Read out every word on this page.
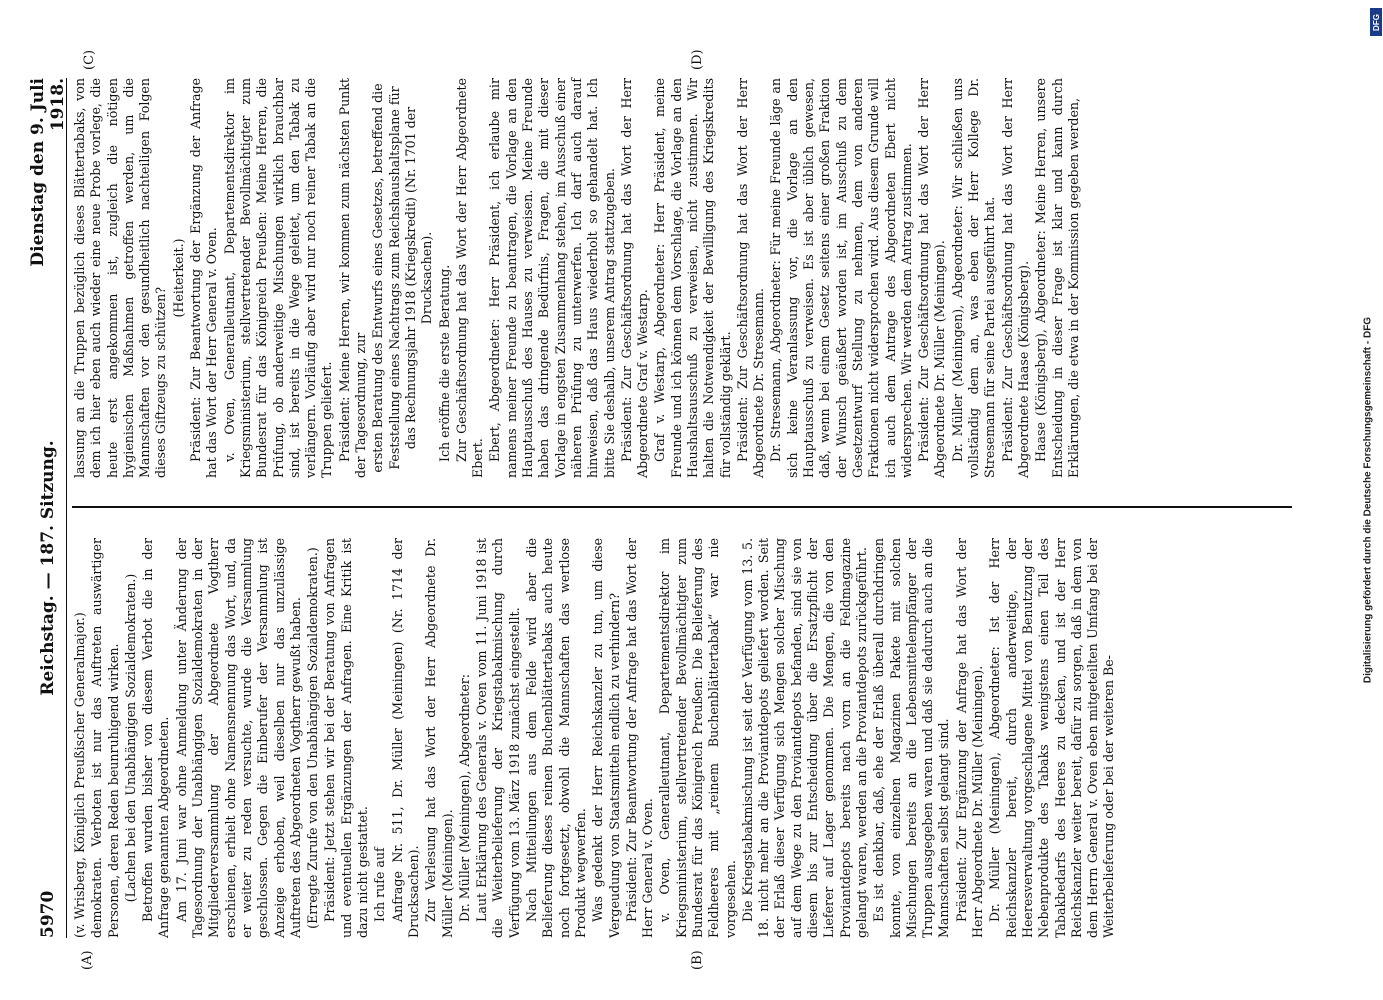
5970
Reichstag. — 187. Sitzung.
Dienstag den 9. Juli 1918.
(A)	(B)
(C)	(D)

(v. Wrisberg, Königlich Preußischer Generalmajor.) demokraten. Verboten ist nur das Auftreten auswärtiger Personen, deren Reden beunruhigend wirken. (Lachen bei den Unabhängigen Sozialdemokraten.) Betroffen wurden bisher von diesem Verbot die in der Anfrage genannten Abgeordneten. Am 17. Juni war ohne Anmeldung unter Änderung der Tagesordnung der Unabhängigen Sozialdemokraten in der Mitgliederversammlung der Abgeordnete Vogtherr erschienen, erhielt ohne Namensnennung das Wort, und, da er weiter zu reden versuchte, wurde die Versammlung geschlossen. Gegen die Einberufer der Versammlung ist Anzeige erhoben, weil dieselben nur das unzulässige Auftreten des Abgeordneten Vogtherr gewußt haben. (Erregte Zurufe von den Unabhängigen Sozialdemokraten.) Präsident: Jetzt stehen wir bei der Beratung von Anfragen und eventuellen Ergänzungen der Anfragen. Eine Kritik ist dazu nicht gestattet. Ich rufe auf Anfrage Nr. 511, Dr. Müller (Meiningen) (Nr. 1714 der Drucksachen). Zur Verlesung hat das Wort der Herr Abgeordnete Dr. Müller (Meiningen). Dr. Müller (Meiningen), Abgeordneter: Laut Erklärung des Generals v. Oven vom 11. Juni 1918 ist die Weiterbelieferung der Kriegstabakmischung durch Verfügung vom 13. März 1918 zunächst eingestellt. Nach Mitteilungen aus dem Felde wird aber die Belieferung dieses reinen Buchenblättertabaks auch heute noch fortgesetzt, obwohl die Mannschaften das wertlose Produkt wegwerfen. Was gedenkt der Herr Reichskanzler zu tun, um diese Vergeudung von Staatsmitteln endlich zu verhindern? Präsident: Zur Beantwortung der Anfrage hat das Wort der Herr General v. Oven. v. Oven, Generalleutnant, Departementsdirektor im Kriegsministerium, stellvertretender Bevollmächtigter zum Bundesrat für das Königreich Preußen: Die Belieferung des Feldheeres mit „reinem Buchenblättertabak“ war nie vorgesehen. Die Kriegstabakmischung ist seit der Verfügung vom 13. 5. 18. nicht mehr an die Proviantdepots geliefert worden. Seit der Erlaß dieser Verfügung sich Mengen solcher Mischung auf dem Wege zu den Proviantdepots befanden, sind sie von diesem bis zur Entscheidung über die Ersatzpflicht der Lieferer auf Lager genommen. Die Mengen, die von den Proviantdepots bereits nach vorn an die Feldmagazine gelangt waren, werden an die Proviantdepots zurückgeführt. Es ist denkbar, daß, ehe der Erlaß überall durchdringen konnte, von einzelnen Magazinen Pakete mit solchen Mischungen bereits an die Lebensmittelempfänger der Truppen ausgegeben waren und daß sie dadurch auch an die Mannschaften selbst gelangt sind. Präsident: Zur Ergänzung der Anfrage hat das Wort der Herr Abgeordnete Dr. Müller (Meiningen). Dr. Müller (Meiningen), Abgeordneter: Ist der Herr Reichskanzler bereit, durch anderweitige, der Heeresverwaltung vorgeschlagene Mittel von Benutzung der Nebenprodukte des Tabaks wenigstens einen Teil des Tabakbedarfs des Heeres zu decken, und ist der Herr Reichskanzler weiter bereit, dafür zu sorgen, daß in dem von dem Herrn General v. Oven eben mitgeteilten Umfang bei der Weiterbelieferung oder bei der weiteren Be-

lassung an die Truppen bezüglich dieses Blättertabaks, von dem ich hier eben auch wieder eine neue Probe vorlege, die heute erst angekommen ist, zugleich die nötigen hygienischen Maßnahmen getroffen werden, um die Mannschaften vor den gesundheitlich nachteiligen Folgen dieses Giftzeugs zu schützen?

(Heiterkeit.) Präsident: Zur Beantwortung der Ergänzung der Anfrage hat das Wort der Herr General v. Oven. v. Oven, Generalleutnant, Departementsdirektor im Kriegsministerium, stellvertretender Bevollmächtigter zum Bundesrat für das Königreich Preußen: Meine Herren, die Prüfung, ob anderweitige Mischungen wirklich brauchbar sind, ist bereits in die Wege geleitet, um den Tabak zu verlängern. Vorläufig aber wird nur noch reiner Tabak an die Truppen geliefert. Präsident: Meine Herren, wir kommen zum nächsten Punkt der Tagesordnung, zur ersten Beratung des Entwurfs eines Gesetzes, betreffend die Feststellung eines Nachtrags zum Reichshaushaltsplane für das Rechnungsjahr 1918 (Kriegskredit) (Nr. 1701 der Drucksachen). Ich eröffne die erste Beratung. Zur Geschäftsordnung hat das Wort der Herr Abgeordnete Ebert. Ebert, Abgeordneter: Herr Präsident, ich erlaube mir namens meiner Freunde zu beantragen, die Vorlage an den Hauptausschuß des Hauses zu verweisen. Meine Freunde haben das dringende Bedürfnis, Fragen, die mit dieser Vorlage in engsten Zusammenhang stehen, im Ausschuß einer näheren Prüfung zu unterwerfen. Ich darf auch darauf hinweisen, daß das Haus wiederholt so gehandelt hat. Ich bitte Sie deshalb, unserem Antrag stattzugeben. Präsident: Zur Geschäftsordnung hat das Wort der Herr Abgeordnete Graf v. Westarp. Graf v. Westarp, Abgeordneter: Herr Präsident, meine Freunde und ich können dem Vorschlage, die Vorlage an den Haushaltsausschuß zu verweisen, nicht zustimmen. Wir halten die Notwendigkeit der Bewilligung des Kriegskredits für vollständig geklärt. Präsident: Zur Geschäftsordnung hat das Wort der Herr Abgeordnete Dr. Stresemann. Dr. Stresemann, Abgeordneter: Für meine Freunde läge an sich keine Veranlassung vor, die Vorlage an den Hauptausschuß zu verweisen. Es ist aber üblich gewesen, daß, wenn bei einem Gesetz seitens einer großen Fraktion der Wunsch geäußert worden ist, im Ausschuß zu dem Gesetzentwurf Stellung zu nehmen, dem von anderen Fraktionen nicht widersprochen wird. Aus diesem Grunde will ich auch dem Antrage des Abgeordneten Ebert nicht widersprechen. Wir werden dem Antrag zustimmen. Präsident: Zur Geschäftsordnung hat das Wort der Herr Abgeordnete Dr. Müller (Meiningen). Dr. Müller (Meiningen), Abgeordneter: Wir schließen uns vollständig dem an, was eben der Herr Kollege Dr. Stresemann für seine Partei ausgeführt hat. Präsident: Zur Geschäftsordnung hat das Wort der Herr Abgeordnete Haase (Königsberg). Haase (Königsberg), Abgeordneter: Meine Herren, unsere Entscheidung in dieser Frage ist klar und kann durch Erklärungen, die etwa in der Kommission gegeben werden,

DFG
Digitalisierung gefördert durch die Deutsche Forschungsgemeinschaft - DFG
